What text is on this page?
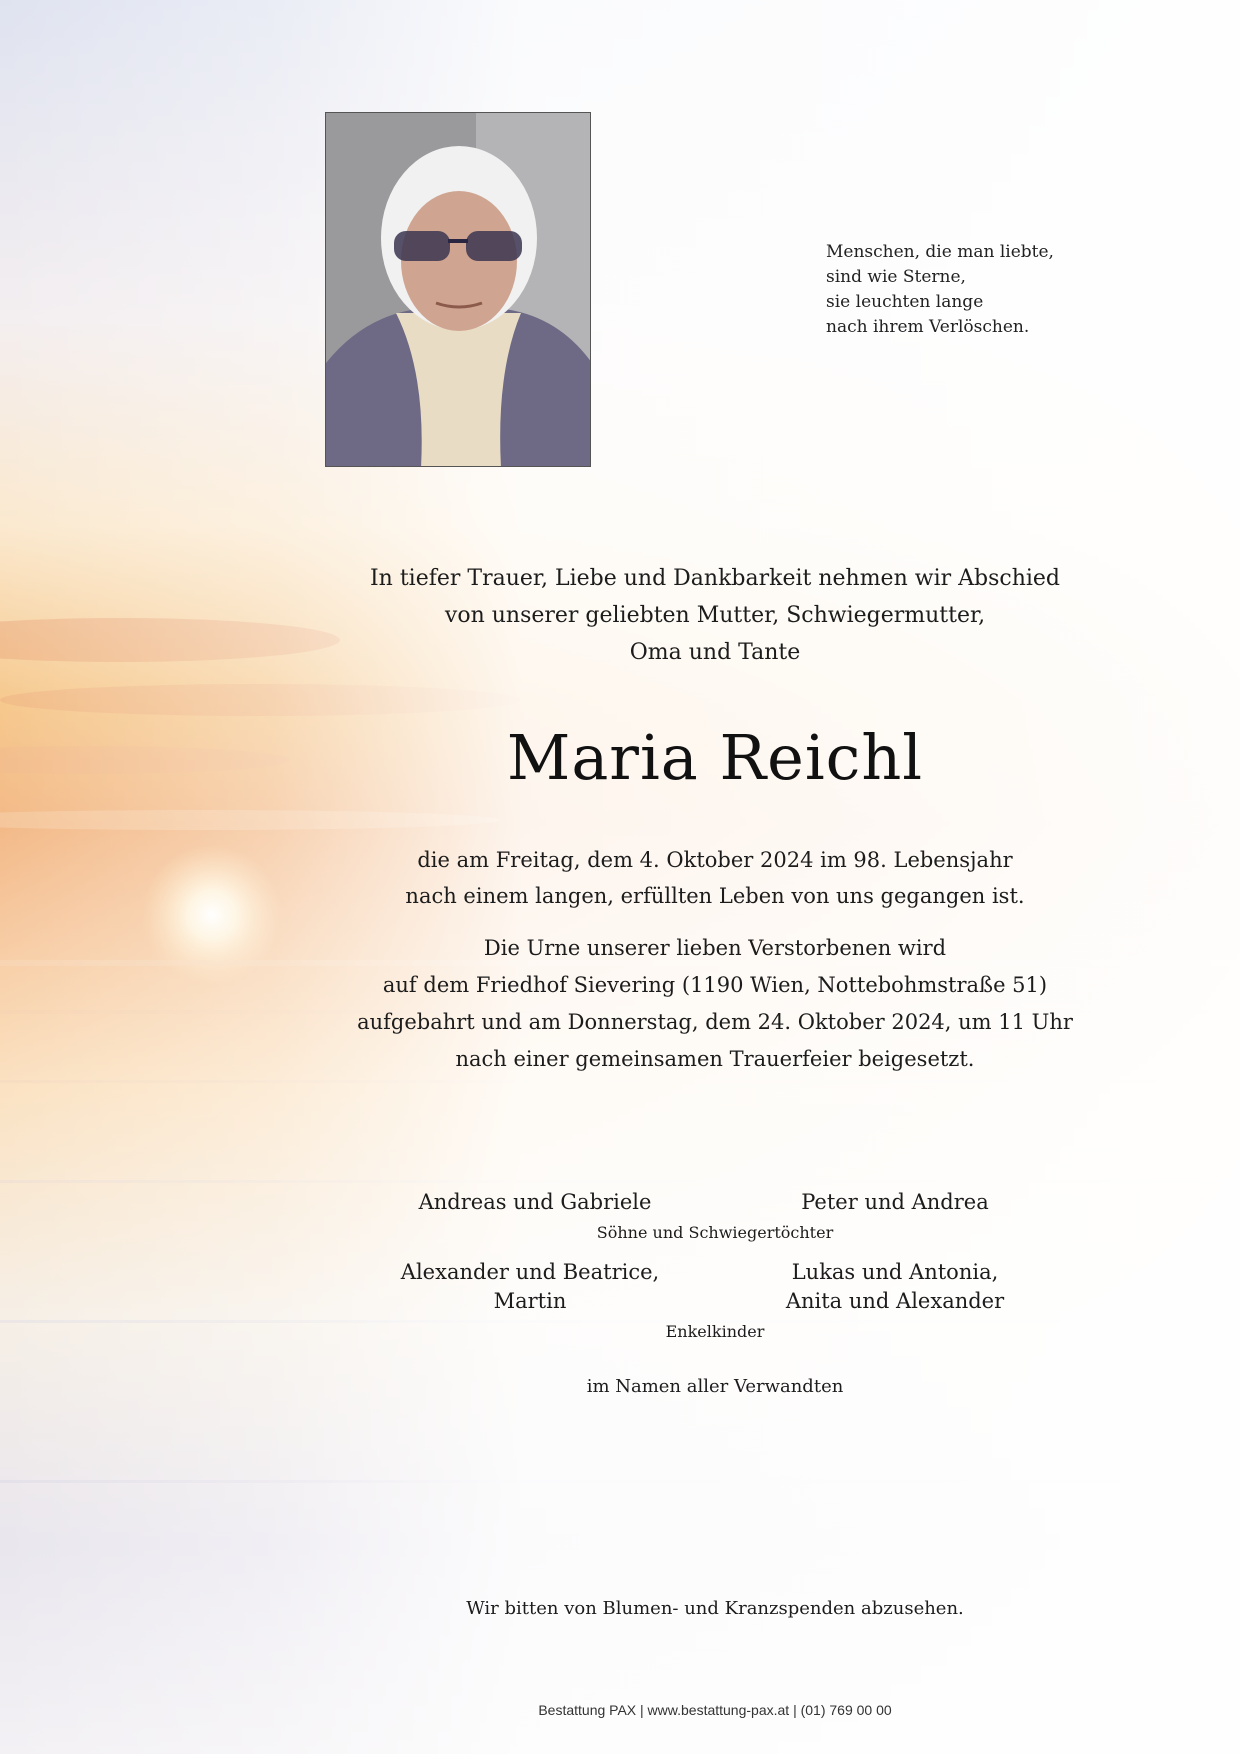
Menschen, die man liebte,
sind wie Sterne,
sie leuchten lange
nach ihrem Verlöschen.
In tiefer Trauer, Liebe und Dankbarkeit nehmen wir Abschied
von unserer geliebten Mutter, Schwiegermutter,
Oma und Tante
Maria Reichl
die am Freitag, dem 4. Oktober 2024 im 98. Lebensjahr
nach einem langen, erfüllten Leben von uns gegangen ist.
Die Urne unserer lieben Verstorbenen wird
auf dem Friedhof Sievering (1190 Wien, Nottebohmstraße 51)
aufgebahrt und am Donnerstag, dem 24. Oktober 2024, um 11 Uhr
nach einer gemeinsamen Trauerfeier beigesetzt.
Andreas und Gabriele	Peter und Andrea
Söhne und Schwiegertöchter
Alexander und Beatrice,
Martin
Lukas und Antonia,
Anita und Alexander
Enkelkinder
im Namen aller Verwandten
Wir bitten von Blumen- und Kranzspenden abzusehen.
Bestattung PAX | www.bestattung-pax.at | (01) 769 00 00
